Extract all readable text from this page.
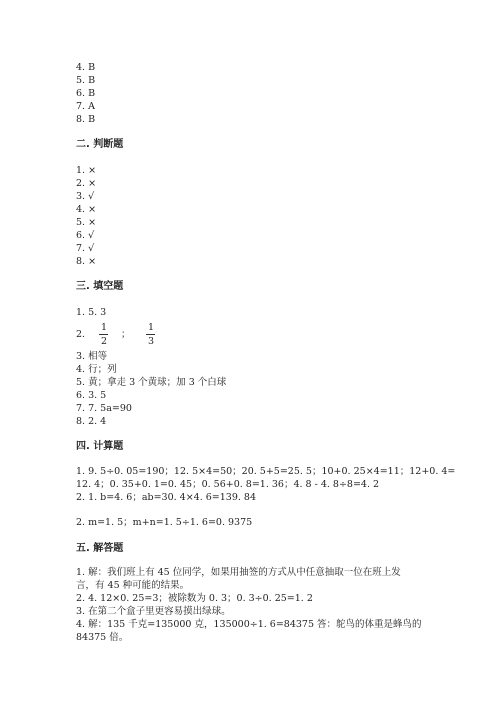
4. B
5. B
6. B
7. A
8. B
二. 判断题
1. ×
2. ×
3. √
4. ×
5. ×
6. √
7. √
8. ×
三. 填空题
1. 5. 3
2.
1
2
；
1
3
3. 相等
4. 行；列
5. 黄；拿走 3 个黄球；加 3 个白球
6. 3. 5
7. 7. 5a=90
8. 2. 4
四. 计算题
1. 9. 5÷0. 05=190；12. 5×4=50；20. 5+5=25. 5；10+0. 25×4=11；12+0. 4=
12. 4；0. 35+0. 1=0. 45；0. 56+0. 8=1. 36；4. 8 - 4. 8÷8=4. 2
2. 1. b=4. 6；ab=30. 4×4. 6=139. 84
2. m=1. 5；m+n=1. 5÷1. 6=0. 9375
五. 解答题
1. 解：我们班上有 45 位同学，如果用抽签的方式从中任意抽取一位在班上发
言，有 45 种可能的结果。
2. 4. 12×0. 25=3；被除数为 0. 3；0. 3÷0. 25=1. 2
3. 在第二个盒子里更容易摸出绿球。
4. 解：135 千克=135000 克，135000÷1. 6=84375 答：鸵鸟的体重是蜂鸟的
84375 倍。
